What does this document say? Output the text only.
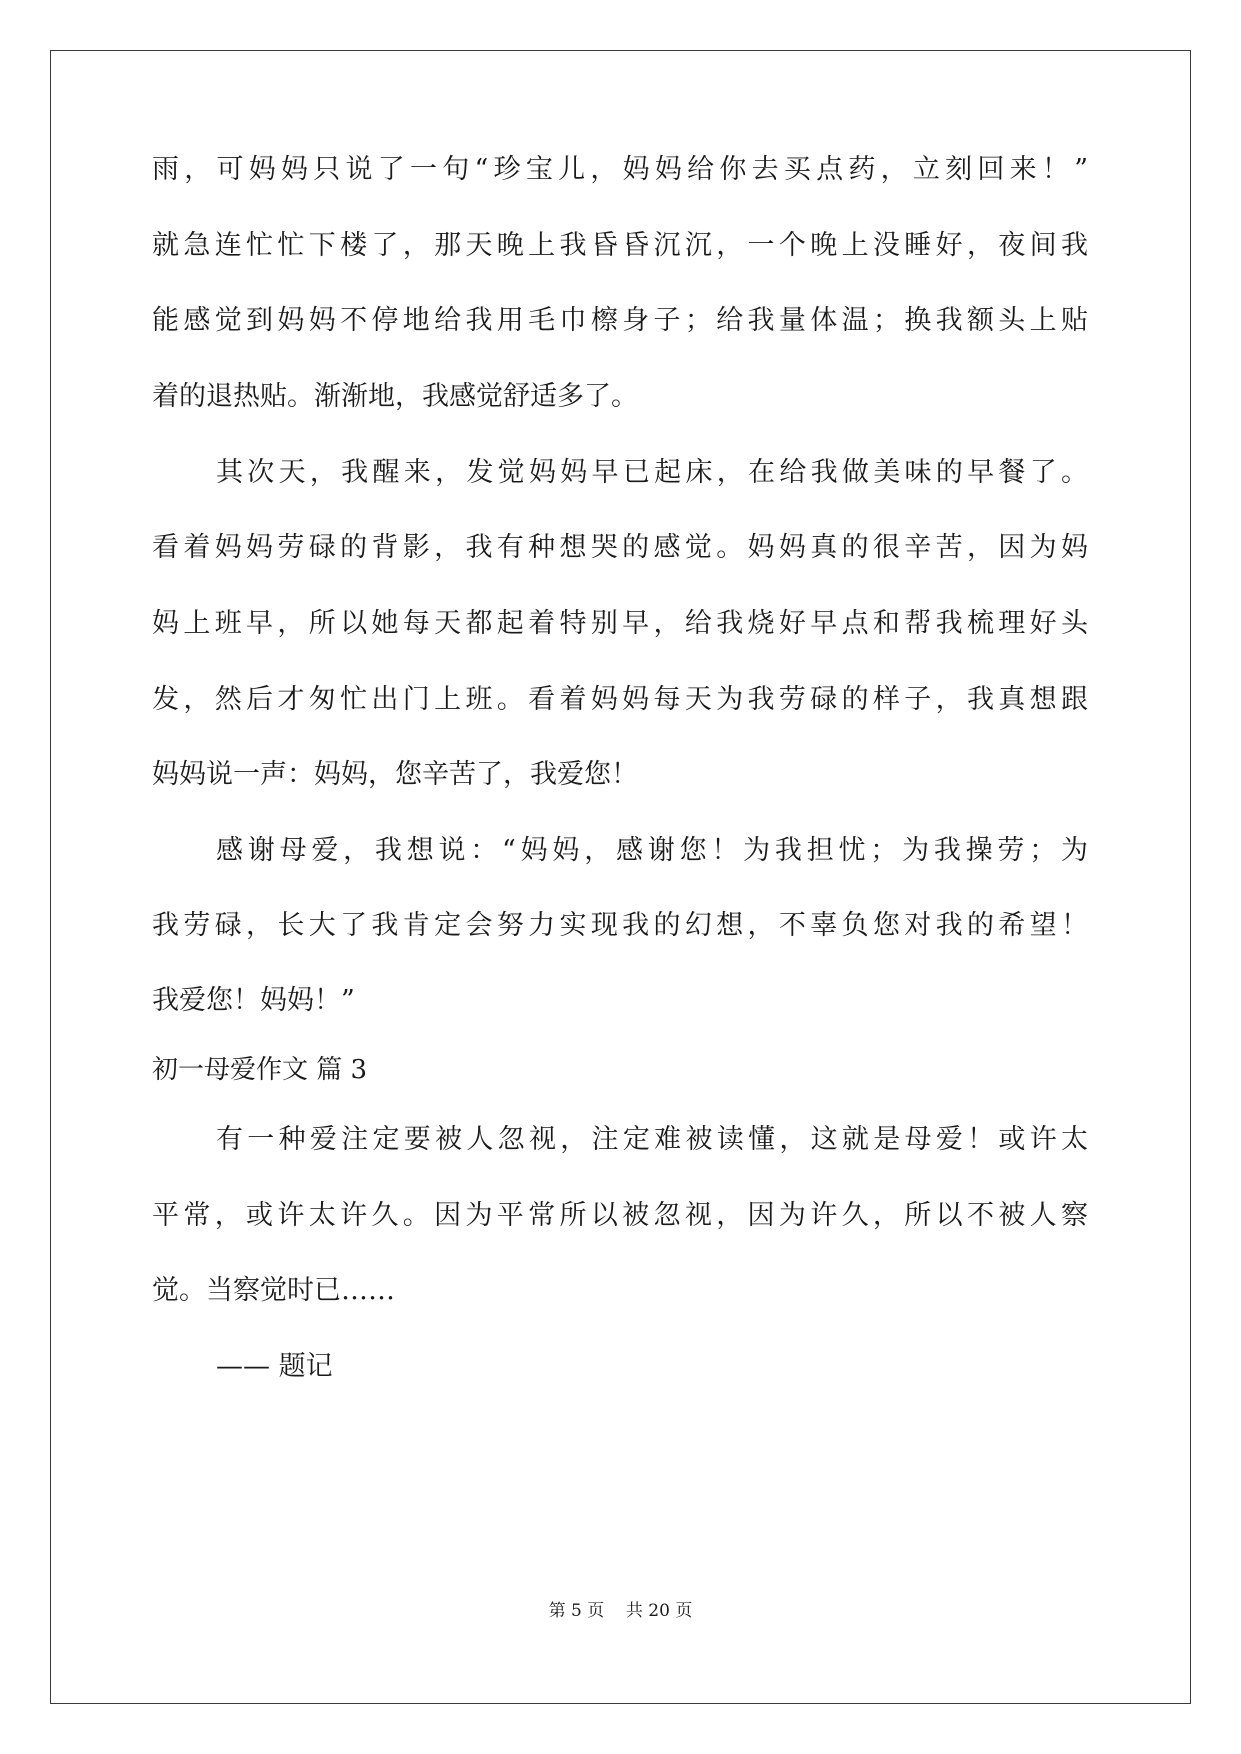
雨，可妈妈只说了一句“珍宝儿，妈妈给你去买点药，立刻回来！”
就急连忙忙下楼了，那天晚上我昏昏沉沉，一个晚上没睡好，夜间我
能感觉到妈妈不停地给我用毛巾檫身子；给我量体温；换我额头上贴
着的退热贴。渐渐地，我感觉舒适多了。
其次天，我醒来，发觉妈妈早已起床，在给我做美味的早餐了。
看着妈妈劳碌的背影，我有种想哭的感觉。妈妈真的很辛苦，因为妈
妈上班早，所以她每天都起着特别早，给我烧好早点和帮我梳理好头
发，然后才匆忙出门上班。看着妈妈每天为我劳碌的样子，我真想跟
妈妈说一声：妈妈，您辛苦了，我爱您！
感谢母爱，我想说：“妈妈，感谢您！为我担忧；为我操劳；为
我劳碌，长大了我肯定会努力实现我的幻想，不辜负您对我的希望！
我爱您！妈妈！”
初一母爱作文 篇 3
有一种爱注定要被人忽视，注定难被读懂，这就是母爱！或许太
平常，或许太许久。因为平常所以被忽视，因为许久，所以不被人察
觉。当察觉时已……
—— 题记
第 5 页    共 20 页
